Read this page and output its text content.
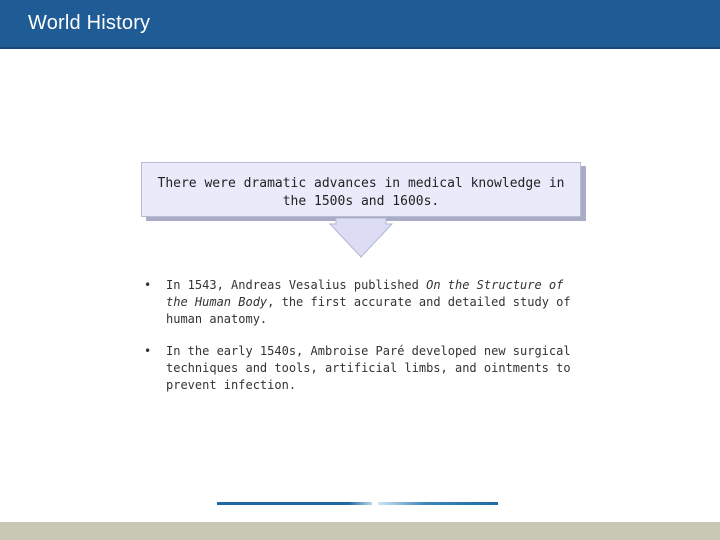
World History
There were dramatic advances in medical knowledge in the 1500s and 1600s.
• In 1543, Andreas Vesalius published On the Structure of the Human Body, the first accurate and detailed study of human anatomy.
• In the early 1540s, Ambroise Paré developed new surgical techniques and tools, artificial limbs, and ointments to prevent infection.
